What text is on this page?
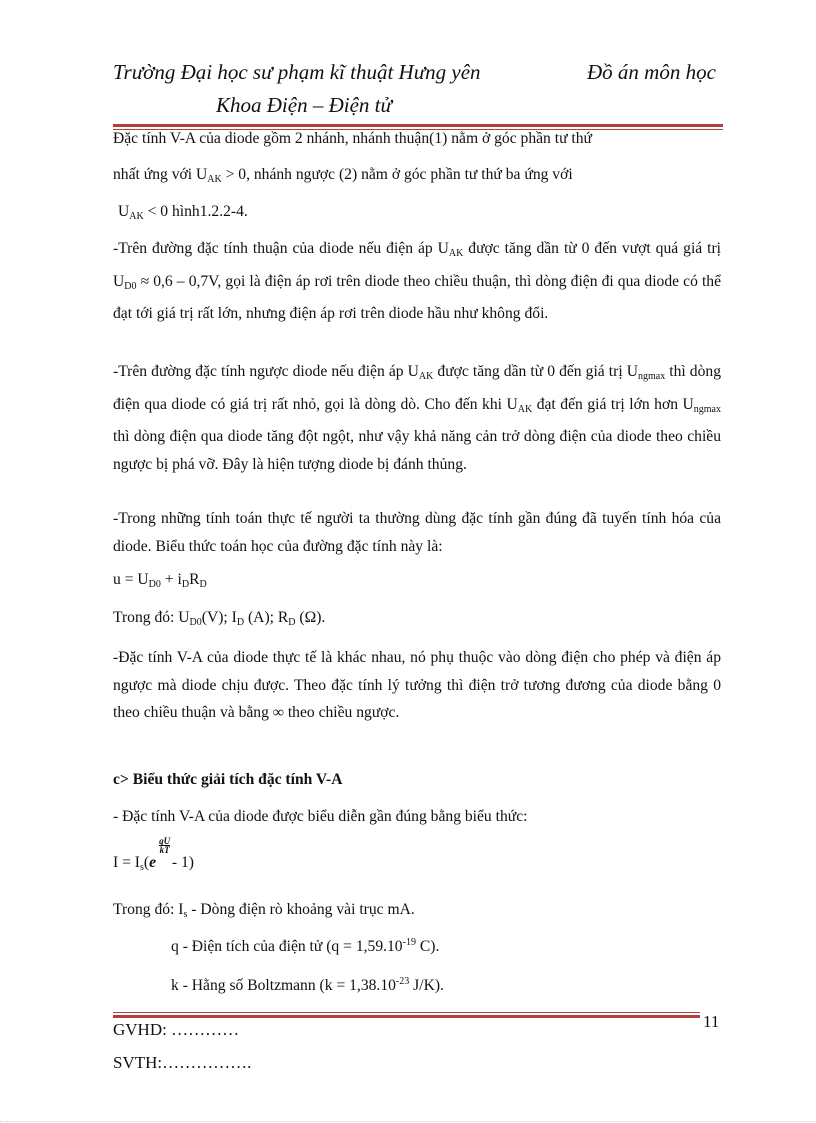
Trường Đại học sư phạm kĩ thuật Hưng yên	Đồ án môn học
Khoa Điện – Điện tử
Đặc tính V-A của diode gồm 2 nhánh, nhánh thuận(1) nằm ở góc phần tư thứ
nhất ứng với $U_{AK} > 0$, nhánh ngược (2) nằm ở góc phần tư thứ ba ứng với
$U_{AK} < 0$ hình1.2.2-4.
-Trên đường đặc tính thuận của diode nếu điện áp $U_{AK}$ được tăng dần từ 0 đến vượt quá giá trị $U_{D0} \approx 0,6 - 0,7V$, gọi là điện áp rơi trên diode theo chiều thuận, thì dòng điện đi qua diode có thể đạt tới giá trị rất lớn, nhưng điện áp rơi trên diode hầu như không đổi.
-Trên đường đặc tính ngược diode nếu điện áp $U_{AK}$ được tăng dần từ 0 đến giá trị $U_{ngmax}$ thì dòng điện qua diode có giá trị rất nhỏ, gọi là dòng dò. Cho đến khi $U_{AK}$ đạt đến giá trị lớn hơn $U_{ngmax}$ thì dòng điện qua diode tăng đột ngột, như vậy khả năng cản trở dòng điện của diode theo chiều ngược bị phá vỡ. Đây là hiện tượng diode bị đánh thủng.
-Trong những tính toán thực tế người ta thường dùng đặc tính gần đúng đã tuyến tính hóa của diode. Biểu thức toán học của đường đặc tính này là:
$u = U_{D0} + i_DR_D$
Trong đó: $U_{D0}(V)$; $I_D$ (A); $R_D$ (Ω).
-Đặc tính V-A của diode thực tế là khác nhau, nó phụ thuộc vào dòng điện cho phép và điện áp ngược mà diode chịu được. Theo đặc tính lý tưởng thì điện trở tương đương của diode bằng 0 theo chiều thuận và bằng ∞ theo chiều ngược.
c> Biểu thức giải tích đặc tính V-A
- Đặc tính V-A của diode được biểu diễn gần đúng bằng biểu thức:
$I = I_s(e$
qU
kT
- 1)
Trong đó: $I_s$ - Dòng điện rò khoảng vài trục mA.
q - Điện tích của điện tử ($q = 1,59.10^{-19}$ C).
k - Hằng số Boltzmann ($k = 1,38.10^{-23}$ J/K).
11
GVHD: …………
SVTH:…………….
